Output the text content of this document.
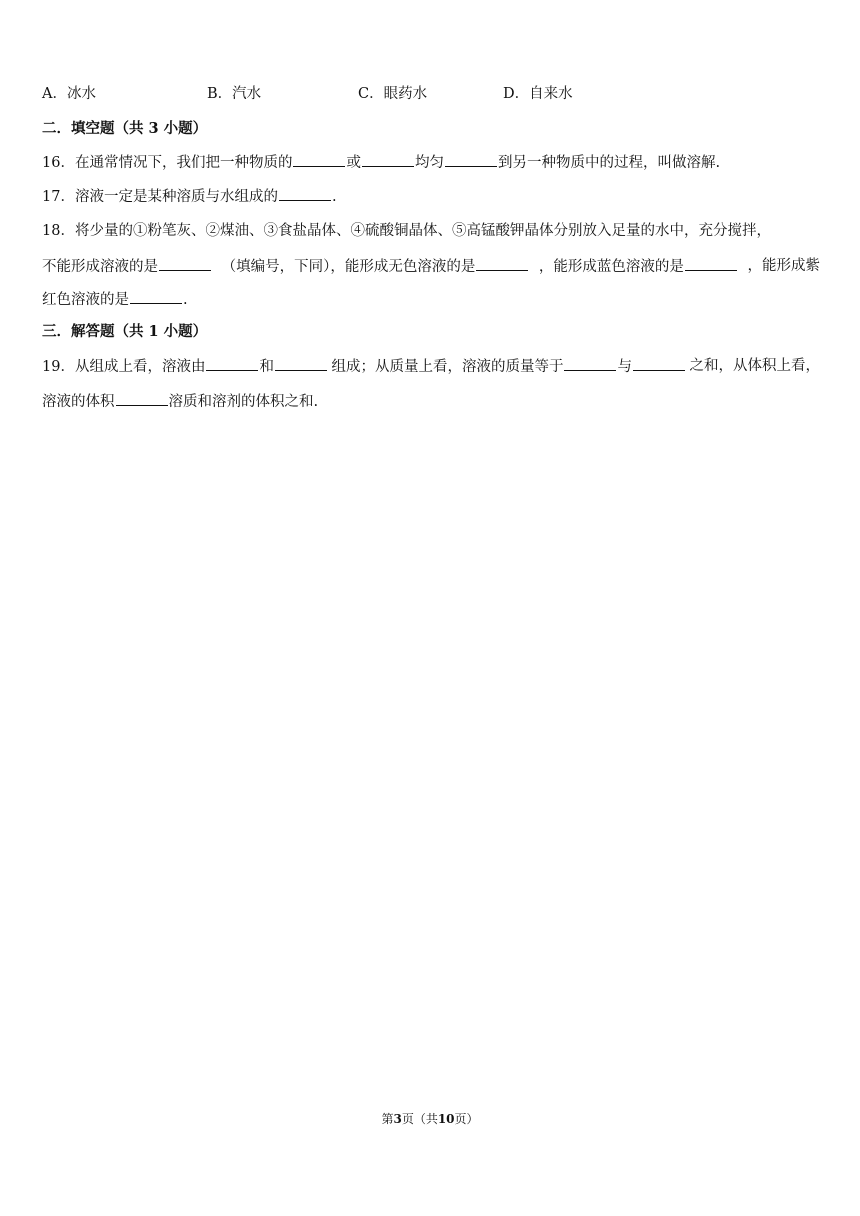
A．冰水	B．汽水	C．眼药水	D．自来水
二．填空题（共 3 小题）
16．在通常情况下，我们把一种物质的	或	均匀	到另一种物质中的过程，叫做溶解.
17．溶液一定是某种溶质与水组成的	.
18．将少量的①粉笔灰、②煤油、③食盐晶体、④硫酸铜晶体、⑤高锰酸钾晶体分别放入足量的水中，充分搅拌，
不能形成溶液的是	（填编号，下同），能形成无色溶液的是	，能形成蓝色溶液的是	，能形成紫
红色溶液的是	.
三．解答题（共 1 小题）
19．从组成上看，溶液由	和	组成；从质量上看，溶液的质量等于	与	之和，从体积上看，
溶液的体积	溶质和溶剂的体积之和.
第3页（共10页）
